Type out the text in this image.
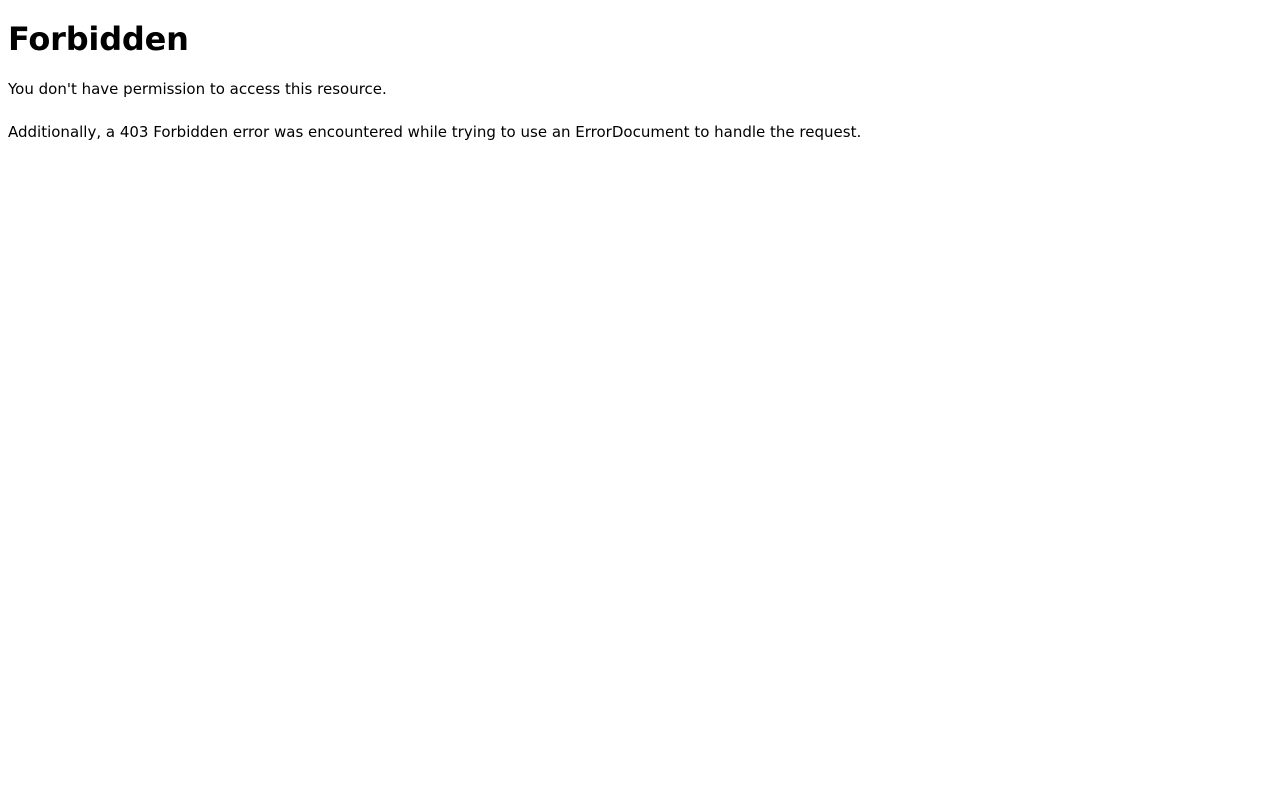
Forbidden

You don't have permission to access this resource.

Additionally, a 403 Forbidden error was encountered while trying to use an ErrorDocument to handle the request.
